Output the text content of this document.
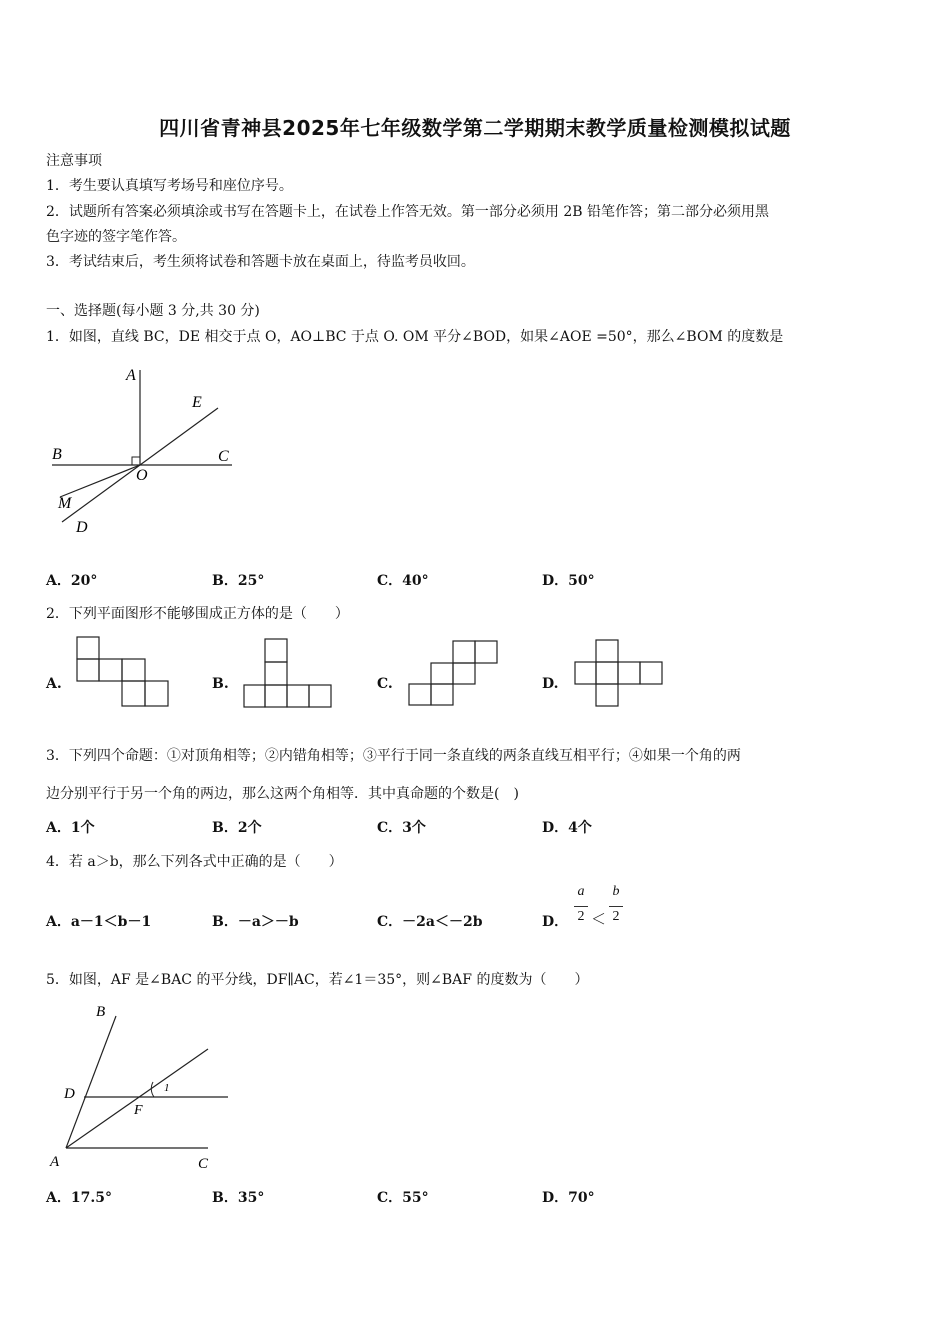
四川省青神县2025年七年级数学第二学期期末教学质量检测模拟试题
注意事项
1．考生要认真填写考场号和座位序号。
2．试题所有答案必须填涂或书写在答题卡上，在试卷上作答无效。第一部分必须用 2B 铅笔作答；第二部分必须用黑
色字迹的签字笔作答。
3．考试结束后，考生须将试卷和答题卡放在桌面上，待监考员收回。
一、选择题(每小题 3 分,共 30 分)
1．如图，直线 BC，DE 相交于点 O，AO⊥BC 于点 O. OM 平分∠BOD，如果∠AOE =50°，那么∠BOM 的度数是
A
E
B	C
O
M
D
A．20°	B．25°	C．40°	D．50°
2．下列平面图形不能够围成正方体的是（　　）
A.	B.	C.	D.
3．下列四个命题：①对顶角相等；②内错角相等；③平行于同一条直线的两条直线互相平行；④如果一个角的两
边分别平行于另一个角的两边，那么这两个角相等．其中真命题的个数是(　)
A．1个	B．2个	C．3个	D．4个
4．若 a＞b，那么下列各式中正确的是（　　）
A．a－1＜b－1	B．－a＞－b	C．－2a＜－2b	D．
a
2 ＜
b
2
5．如图，AF 是∠BAC 的平分线，DF∥AC，若∠1＝35°，则∠BAF 的度数为（　　）
B
D
F
1
A	C
A．17.5°	B．35°	C．55°	D．70°
